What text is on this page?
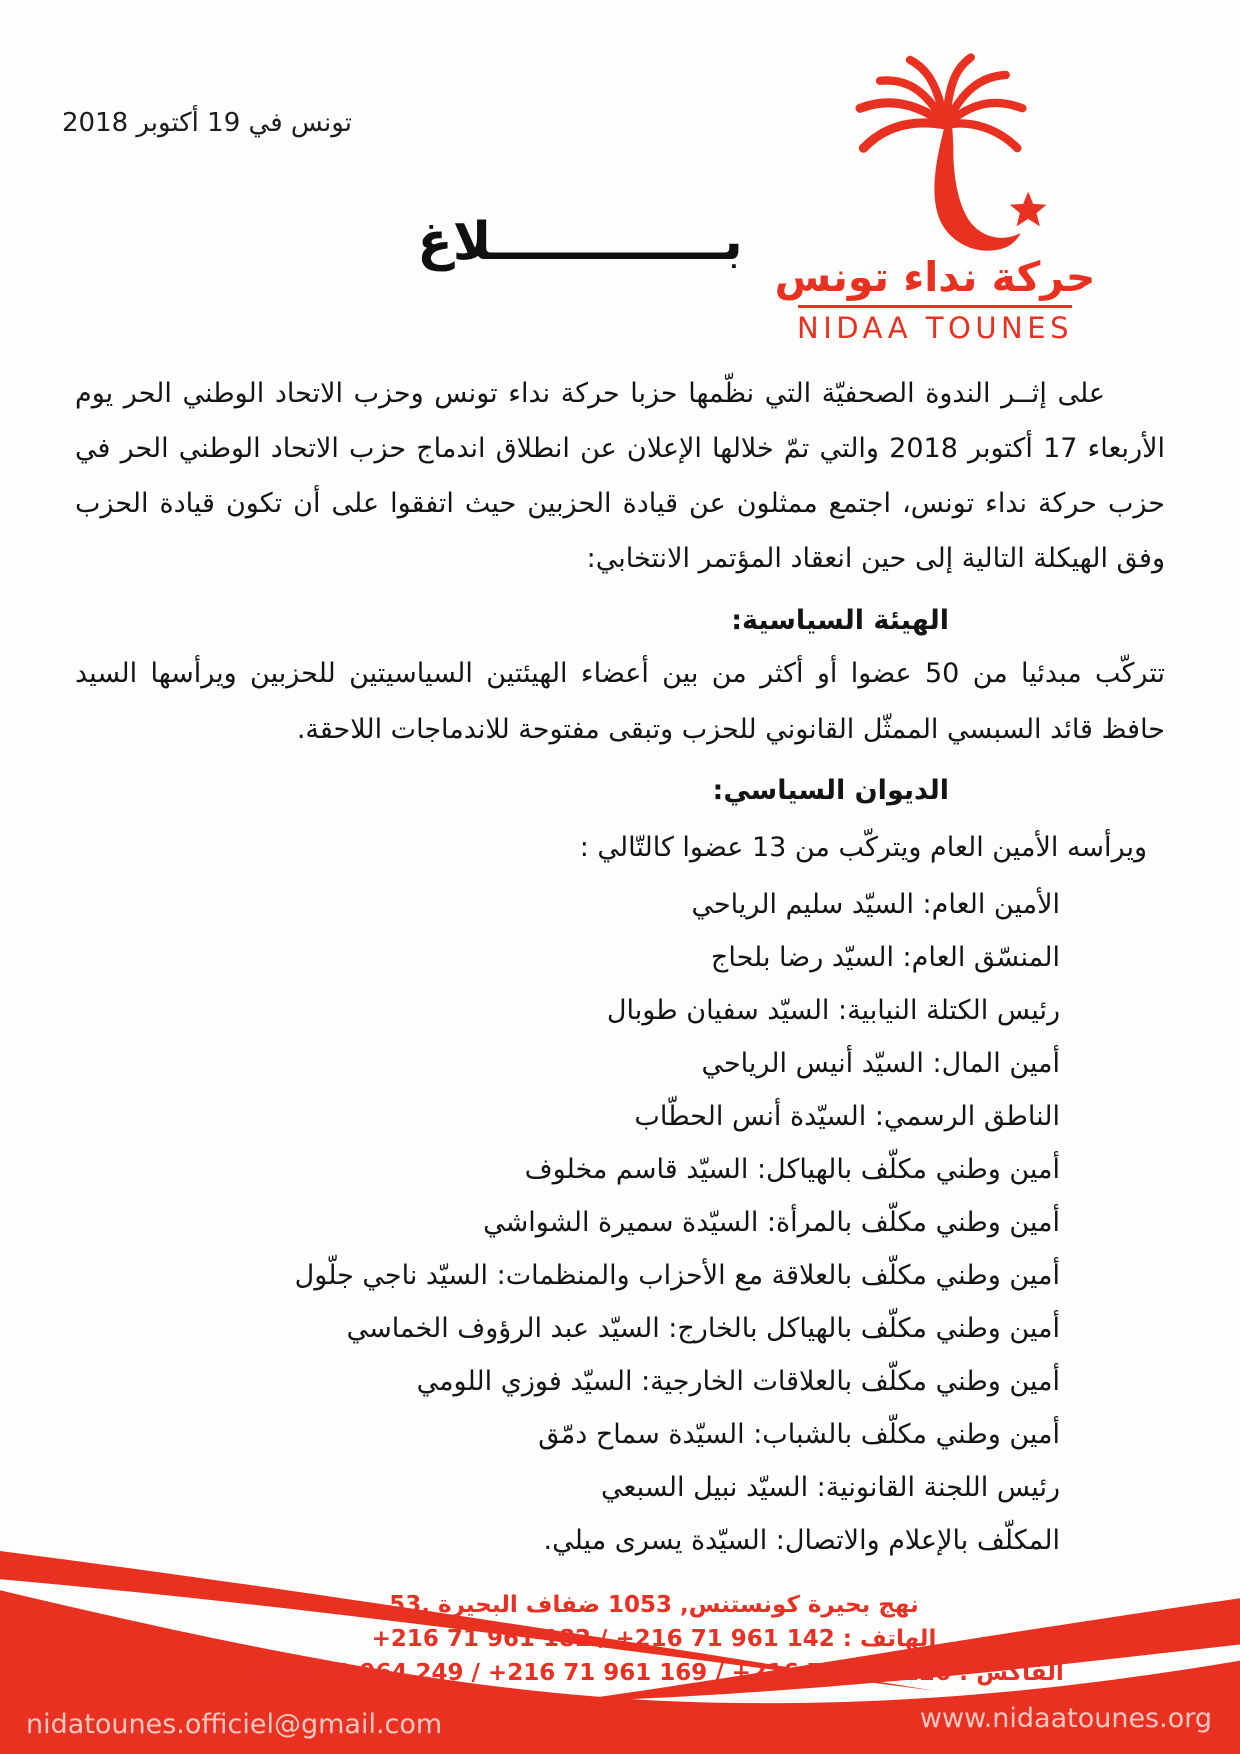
تونس في 19 أكتوبر 2018
حركة نداء تونس
NIDAA TOUNES
بـــــــــــــلاغ

على إثــر الندوة الصحفيّة التي نظّمها حزبا حركة نداء تونس وحزب الاتحاد الوطني الحر يوم الأربعاء 17 أكتوبر 2018 والتي تمّ خلالها الإعلان عن انطلاق اندماج حزب الاتحاد الوطني الحر في حزب حركة نداء تونس، اجتمع ممثلون عن قيادة الحزبين حيث اتفقوا على أن تكون قيادة الحزب وفق الهيكلة التالية إلى حين انعقاد المؤتمر الانتخابي:

الهيئة السياسية:

تتركّب مبدئيا من 50 عضوا أو أكثر من بين أعضاء الهيئتين السياسيتين للحزبين ويرأسها السيد حافظ قائد السبسي الممثّل القانوني للحزب وتبقى مفتوحة للاندماجات اللاحقة.

الديوان السياسي:
ويرأسه الأمين العام ويتركّب من 13 عضوا كالتّالي :
الأمين العام: السيّد سليم الرياحي
المنسّق العام: السيّد رضا بلحاج
رئيس الكتلة النيابية: السيّد سفيان طوبال
أمين المال: السيّد أنيس الرياحي
الناطق الرسمي: السيّدة أنس الحطّاب
أمين وطني مكلّف بالهياكل: السيّد قاسم مخلوف
أمين وطني مكلّف بالمرأة: السيّدة سميرة الشواشي
أمين وطني مكلّف بالعلاقة مع الأحزاب والمنظمات: السيّد ناجي جلّول
أمين وطني مكلّف بالهياكل بالخارج: السيّد عبد الرؤوف الخماسي
أمين وطني مكلّف بالعلاقات الخارجية: السيّد فوزي اللومي
أمين وطني مكلّف بالشباب: السيّدة سماح دمّق
رئيس اللجنة القانونية: السيّد نبيل السبعي
المكلّف بالإعلام والاتصال: السيّدة يسرى ميلي.
53, نهج بحيرة كونستنس, 1053 ضفاف البحيرة
الهاتف : +216 71 961 182 / +216 71 961 142
الفاكس : +216 71 964 249 / +216 71 961 169 / +216 71 961 226
nidatounes.officiel@gmail.com	www.nidaatounes.org
